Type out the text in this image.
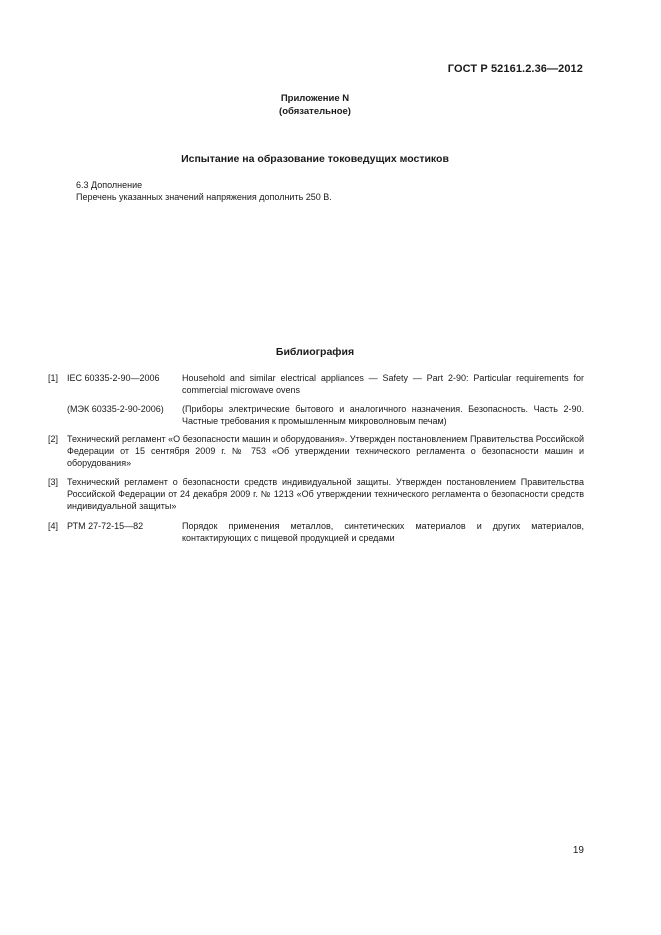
ГОСТ Р 52161.2.36—2012
Приложение N
(обязательное)
Испытание на образование токоведущих мостиков
6.3 Дополнение
Перечень указанных значений напряжения дополнить 250 В.
Библиография
[1] IEC 60335-2-90—2006 Household and similar electrical appliances — Safety — Part 2-90: Particular requirements for commercial microwave ovens
(МЭК 60335-2-90-2006) (Приборы электрические бытового и аналогичного назначения. Безопасность. Часть 2-90. Частные требования к промышленным микроволновым печам)
[2] Технический регламент «О безопасности машин и оборудования». Утвержден постановлением Правительства Российской Федерации от 15 сентября 2009 г. № 753 «Об утверждении технического регламента о безопасности машин и оборудования»
[3] Технический регламент о безопасности средств индивидуальной защиты. Утвержден постановлением Правительства Российской Федерации от 24 декабря 2009 г. № 1213 «Об утверждении технического регламента о безопасности средств индивидуальной защиты»
[4] РТМ 27-72-15—82	Порядок применения металлов, синтетических материалов и других материалов, контактирующих с пищевой продукцией и средами
19
